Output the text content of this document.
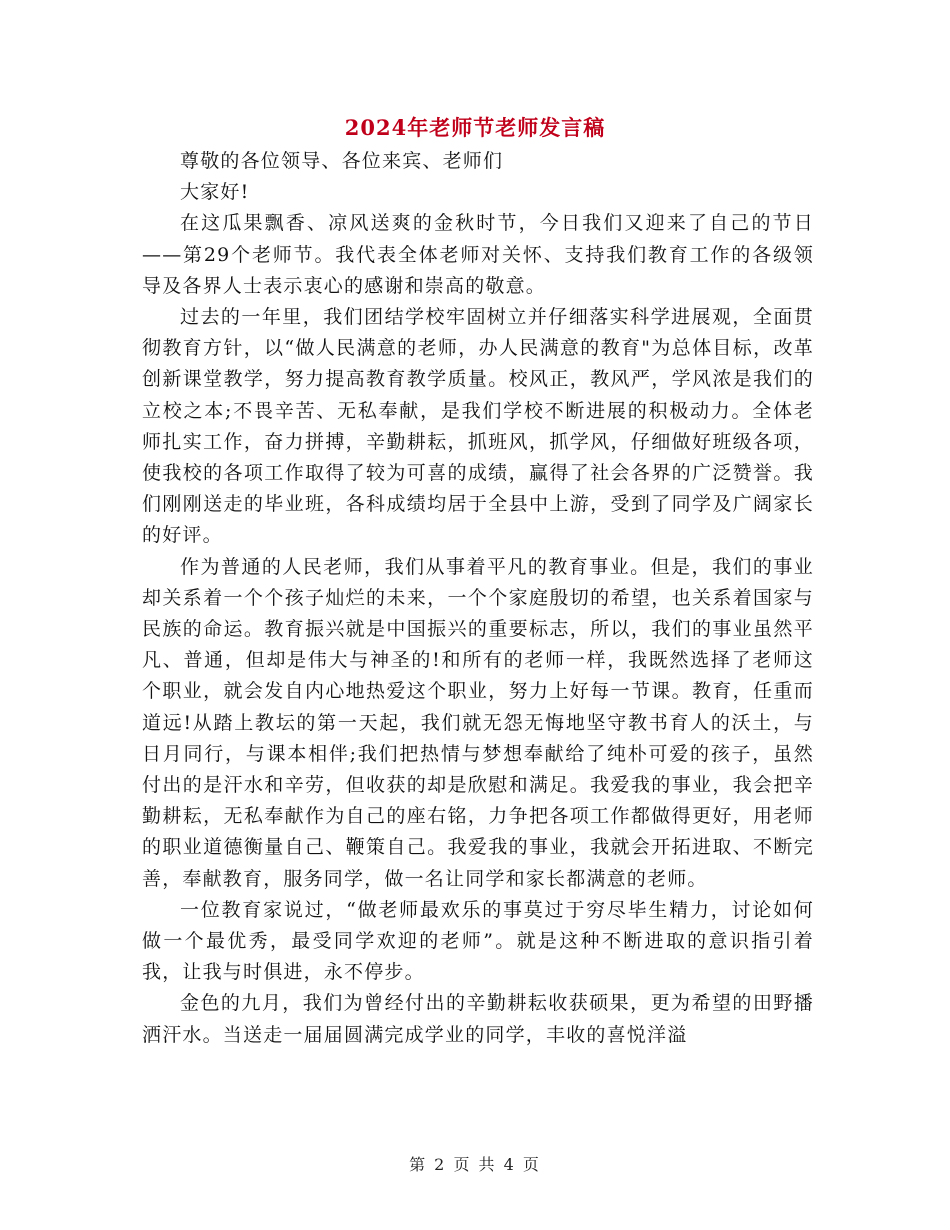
2024年老师节老师发言稿

尊敬的各位领导、各位来宾、老师们

大家好!

在这瓜果飘香、凉风送爽的金秋时节，今日我们又迎来了自己的节日——第29个老师节。我代表全体老师对关怀、支持我们教育工作的各级领导及各界人士表示衷心的感谢和崇高的敬意。

过去的一年里，我们团结学校牢固树立并仔细落实科学进展观，全面贯彻教育方针，以“做人民满意的老师，办人民满意的教育"为总体目标，改革创新课堂教学，努力提高教育教学质量。校风正，教风严，学风浓是我们的立校之本;不畏辛苦、无私奉献，是我们学校不断进展的积极动力。全体老师扎实工作，奋力拼搏，辛勤耕耘，抓班风，抓学风，仔细做好班级各项，使我校的各项工作取得了较为可喜的成绩，赢得了社会各界的广泛赞誉。我们刚刚送走的毕业班，各科成绩均居于全县中上游，受到了同学及广阔家长的好评。

作为普通的人民老师，我们从事着平凡的教育事业。但是，我们的事业却关系着一个个孩子灿烂的未来，一个个家庭殷切的希望，也关系着国家与民族的命运。教育振兴就是中国振兴的重要标志，所以，我们的事业虽然平凡、普通，但却是伟大与神圣的!和所有的老师一样，我既然选择了老师这个职业，就会发自内心地热爱这个职业，努力上好每一节课。教育，任重而道远!从踏上教坛的第一天起，我们就无怨无悔地坚守教书育人的沃土，与日月同行，与课本相伴;我们把热情与梦想奉献给了纯朴可爱的孩子，虽然付出的是汗水和辛劳，但收获的却是欣慰和满足。我爱我的事业，我会把辛勤耕耘，无私奉献作为自己的座右铭，力争把各项工作都做得更好，用老师的职业道德衡量自己、鞭策自己。我爱我的事业，我就会开拓进取、不断完善，奉献教育，服务同学，做一名让同学和家长都满意的老师。

一位教育家说过，“做老师最欢乐的事莫过于穷尽毕生精力，讨论如何做一个最优秀，最受同学欢迎的老师”。就是这种不断进取的意识指引着我，让我与时俱进，永不停步。

金色的九月，我们为曾经付出的辛勤耕耘收获硕果，更为希望的田野播洒汗水。当送走一届届圆满完成学业的同学，丰收的喜悦洋溢

第 2 页 共 4 页
